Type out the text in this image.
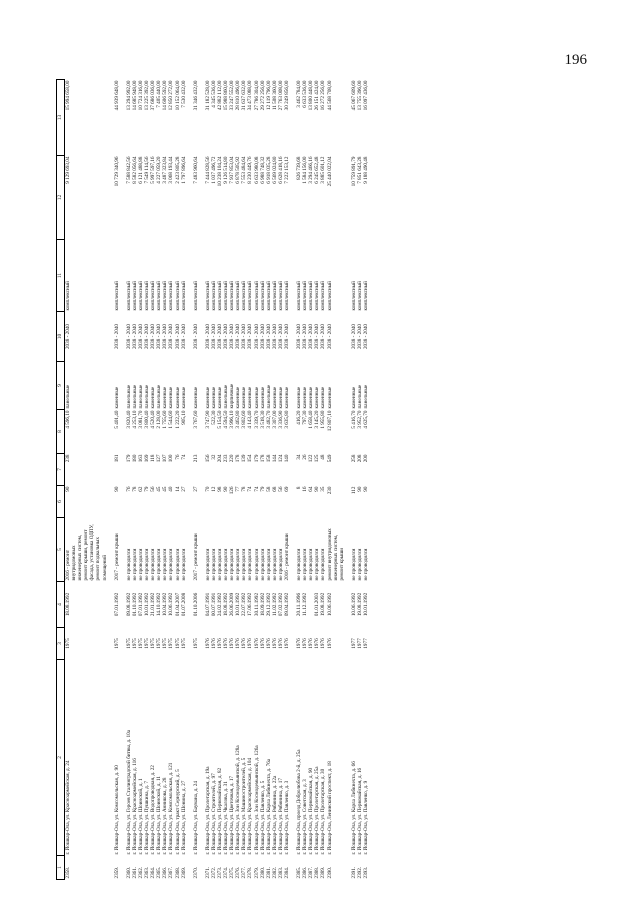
196
1	2	3	4	5	6	7	8	9	10	11	12	13
2358.	г. Йошкар-Ола, ул. Красноармейская, д. 24	1975	18.08.1992	2016 - ремонт внутридомовых инженерных систем, ремонт крыши, ремонт фасада, установка ОДПУ, ремонт подвальных помещений	90	238	4 596,10	панельные	2038 - 2040	комплексный	9 129 693,04	15 994 658,00

2359.	г. Йошкар-Ола, ул. Комсомольская, д. 90	1975	07.01.1992	2017 - ремонт крыши	90	181	5 401,40	каменные	2038 - 2040	комплексный	10 729 340,96	44 939 648,00

2360.	г. Йошкар-Ола, ул. Героев Сталинградской битвы, д. 10а	1975	09.08.1992	не проводился	76	179	3 820,40	панельные	2038 - 2040	комплексный	7 588 842,56	13 294 992,00
2361.	г. Йошкар-Ола, ул. Красноармейская, д. 116	1975	01.10.1992	не проводился	78	180	4 253,10	панельные	2038 - 2040	комплексный	8 582 056,64	14 685 948,00
2362.	г. Йошкар-Ола, ул. Шоинской, д. 1	1975	07.01.1992	не проводился	62	163	3 081,70	панельные	2038 - 2040	комплексный	6 121 488,88	10 724 316,00
2363.	г. Йошкар-Ола, ул. Пушкина, д. 7	1975	10.01.1992	не проводился	79	169	3 800,40	панельные	2038 - 2040	комплексный	7 549 114,56	13 225 392,00
2364.	г. Йошкар-Ола, ул. Водопроводная, д. 22	1975	21.01.1992	не проводился	56	118	4 520,40	каменные	2038 - 2040	комплексный	5 997 597,16	37 686 036,00
2365.	г. Йошкар-Ола, ул. Шоинской, д. 11	1975	14.10.1992	не проводился	45	127	2 128,00	панельные	2038 - 2040	комплексный	4 227 059,20	7 405 440,00
2366.	г. Йошкар-Ола, ул. Анникова, д. 28	1975	10.04.1992	не проводился	45	107	1 755,60	каменные	2038 - 2040	комплексный	3 487 323,84	14 606 592,00
2367.	г. Йошкар-Ола, ул. Комсомольская, д. 121	1975	10.06.1992	не проводился	40	100	1 544,60	каменные	2038 - 2040	комплексный	3 068 193,44	12 850 272,00
2368.	г. Йошкар-Ола, тракт Сернурский, д. 5	1975	01.04.2007	не проводился	14	76	1 222,20	каменные	2038 - 2040	комплексный	2 423 805,28	10 152 064,00
2369.	г. Йошкар-Ола, ул. Шонина, д. 27	1975	01.07.2008	не проводился	27	74	905,10	каменные	2038 - 2040	комплексный	1 797 896,64	7 530 432,00

2370.	г. Йошкар-Ола, ул. Баумана, д. 24	1975	01.10.2006	2017 - ремонт крыши	27	213	3 767,60	каменные	2038 - 2040	комплексный	7 483 960,64	31 346 432,00

2371.	г. Йошкар-Ола, ул. Пролетарская, д. 19а	1976	04.07.1991	не проводился	70	156	3 747,90	каменные	2038 - 2040	комплексный	7 444 828,56	31 182 528,00
2372.	г. Йошкар-Ола, ул. Строителей, д. 97	1976	00.07.1991	не проводился	12	32	522,30	каменные	2038 - 2040	комплексный	1 037 496,72	4 345 536,00
2373.	г. Йошкар-Ола, ул. Первомайская, д. 82	1976	24.02.1992	не проводился	98	204	5 154,50	каменные	2038 - 2040	комплексный	10 238 104,24	42 882 112,00
2374.	г. Йошкар-Ола, ул. Чкалова, д. 31	1976	18.08.1992	не проводился	90	233	4 594,50	панельные	2038 - 2040	комплексный	9 126 514,80	15 988 860,00
2375.	г. Йошкар-Ола, ул. Цветочная, д. 17	1976	26.06.2009	не проводился	126	220	3 996,10	кирпичные	2038 - 2040	комплексный	7 937 853,04	33 247 552,00
2376.	г. Йошкар-Ола, ул. Зои Космодемьянской, д. 128а	1976	10.01.1992	не проводился	77	178	3 462,80	каменные	2038 - 2040	комплексный	6 878 505,92	28 810 496,00
2377.	г. Йошкар-Ола, ул. Машиностроителей, д. 5	1976	22.07.1992	не проводился	78	139	3 802,60	каменные	2038 - 2040	комплексный	7 553 484,64	31 637 632,00
2378.	г. Йошкар-Ола, ул. Красноармейская, д. 104	1976	17.06.1992	не проводился	74	154	4 143,40	каменные	2038 - 2040	комплексный	8 230 449,76	34 473 088,00
2379.	г. Йошкар-Ола, ул. Зои Космодемьянской, д. 126а	1976	30.11.1992	не проводился	74	179	3 339,70	каменные	2038 - 2040	комплексный	6 633 980,08	27 786 304,00
2380.	г. Йошкар-Ола, ул. Павленко, д. 5	1976	18.09.1992	не проводился	79	178	3 518,30	каменные	2038 - 2040	комплексный	6 988 748,32	29 272 256,00
2381.	г. Йошкар-Ола, ул. Карла Либкнехта, д. 76а	1976	29.12.1992	не проводился	58	158	3 482,70	панельные	2038 - 2040	комплексный	6 918 035,28	12 119 796,00
2382.	г. Йошкар-Ола, ул. Рябинина, д. 22а	1976	11.02.1992	не проводился	68	144	3 307,00	каменные	2038 - 2040	комплексный	6 569 024,80	11 508 360,00
2383.	г. Йошкар-Ола, ул. Рябинина, д. 17	1976	07.02.1992	не проводился	56	124	3 336,90	каменные	2038 - 2040	комплексный	6 628 418,16	27 763 008,00
2384.	г. Йошкар-Ола, ул. Павленко, д. 3	1976	09.04.1992	2016 - ремонт крыши	69	140	3 635,80	каменные	2038 - 2040	комплексный	7 222 153,12	30 249 856,00

2385.	г. Йошкар-Ола, проезд Добролюбова 2-й, д. 25а	1976	20.11.1996	не проводился	8	34	416,20	каменные	2038 - 2040	комплексный	826 739,68	3 462 784,00
2386.	г. Йошкар-Ола, ул. Советская, д. 3	1976	11.12.1992	не проводился	16	26	797,30	каменные	2038 - 2040	комплексный	1 584 156,00	6 633 536,00
2387.	г. Йошкар-Ола, ул. Первомайская, д. 90	1976		не проводился	64	122	1 658,40	каменные	2038 - 2040	комплексный	3 294 466,16	13 800 448,00
2388.	г. Йошкар-Ола, ул. Пролетарская, д. 25а	1976	01.01.2003	не проводился	90	125	3 145,20	каменные	2038 - 2040	комплексный	6 245 652,48	26 151 424,00
2389.	г. Йошкар-Ола, ул. Пролетарская, д. 30	1976	19.08.1992	не проводился	35	48	1 955,80	каменные	2038 - 2040	комплексный	3 885 601,12	16 272 256,00
2390.	г. Йошкар-Ола, Ленинский проспект, д. 18	1976	10.06.1992	ремонт внутридомовых инженерных систем, ремонт крыши	230	549	12 807,10	каменные	2038 - 2040	комплексный	25 440 022,04	44 568 708,00

2391.	г. Йошкар-Ола, ул. Карла Либкнехта, д. 66	1977	10.06.1992	не проводился	112	258	5 416,70	каменные	2038 - 2040	комплексный	10 759 891,79	45 067 609,60
2392.	г. Йошкар-Ола, ул. Первомайская, д. 16	1977	19.08.1992	не проводился	90	208	3 952,70	панельные	2038 - 2040	комплексный	7 851 643,28	13 755 396,00
2393.	г. Йошкар-Ола, ул. Павленко, д. 9	1977	10.01.1992	не проводился	90	200	4 625,70	панельные	2038 - 2040	комплексный	9 188 490,48	16 097 436,00
